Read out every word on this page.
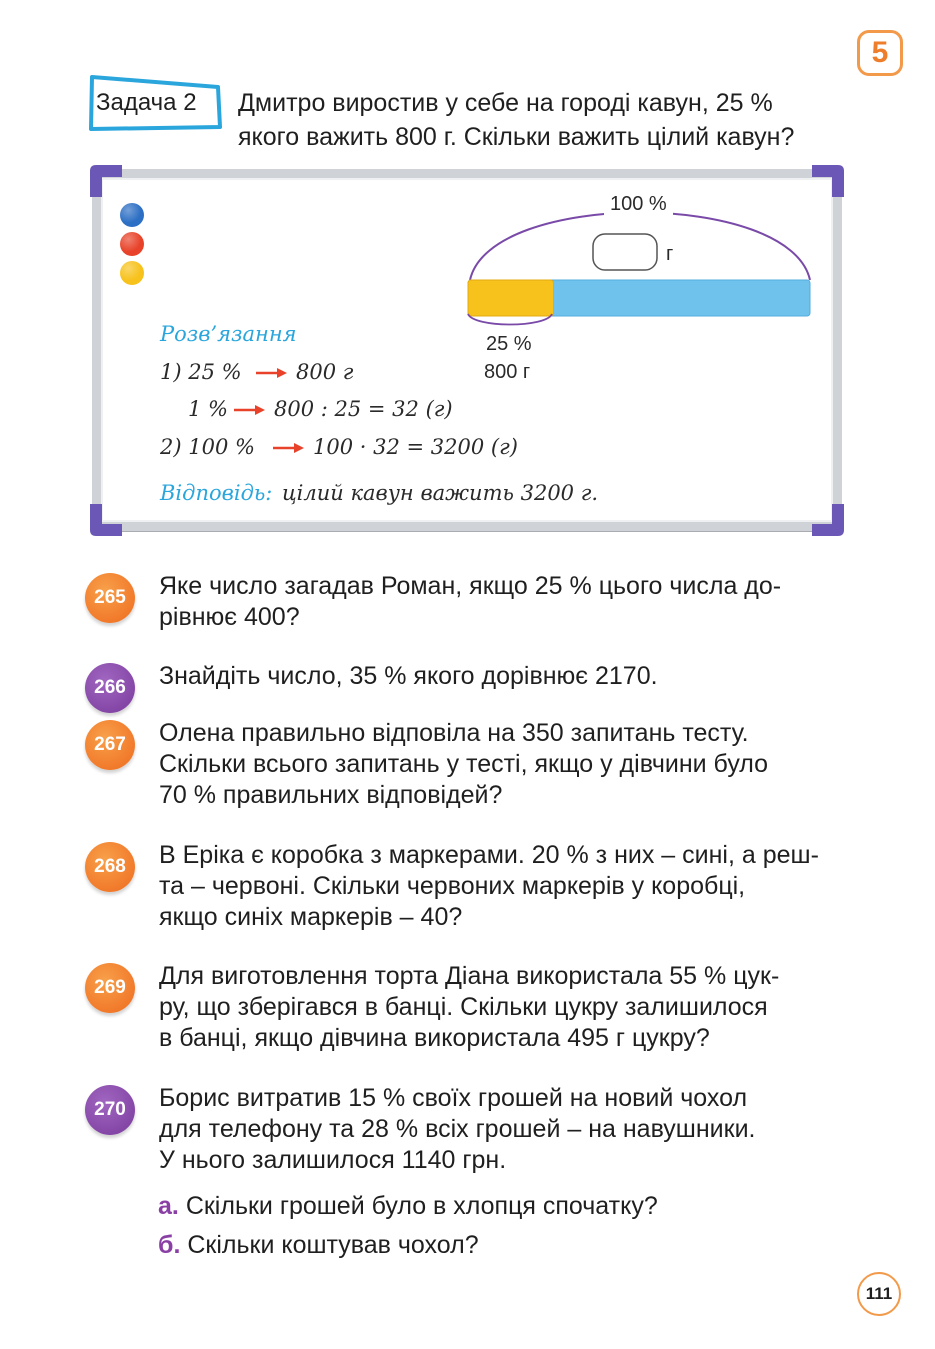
5
Задача 2 Дмитро виростив у себе на городі кавун, 25 %
якого важить 800 г. Скільки важить цілий кавун?
100 %
г
25 %
800 г
Розв’язання
1) 25 %	800 г
1 % 800 : 25 = 32 (г)
2) 100 %	100 · 32 = 3200 (г)
Відповідь: цілий кавун важить 3200 г.
265	Яке число загадав Роман, якщо 25 % цього числа до-
рівнює 400?
266	Знайдіть число, 35 % якого дорівнює 2170.
267	Олена правильно відповіла на 350 запитань тесту.
Скільки всього запитань у тесті, якщо у дівчини було
70 % правильних відповідей?
268	В Еріка є коробка з маркерами. 20 % з них – сині, а реш-
та – червоні. Скільки червоних маркерів у коробці,
якщо синіх маркерів – 40?
269	Для виготовлення торта Діана використала 55 % цук-
ру, що зберігався в банці. Скільки цукру залишилося
в банці, якщо дівчина використала 495 г цукру?
270	Борис витратив 15 % своїх грошей на новий чохол
для телефону та 28 % всіх грошей – на навушники.
У нього залишилося 1140 грн.
а. Скільки грошей було в хлопця спочатку?
б. Скільки коштував чохол?
111
